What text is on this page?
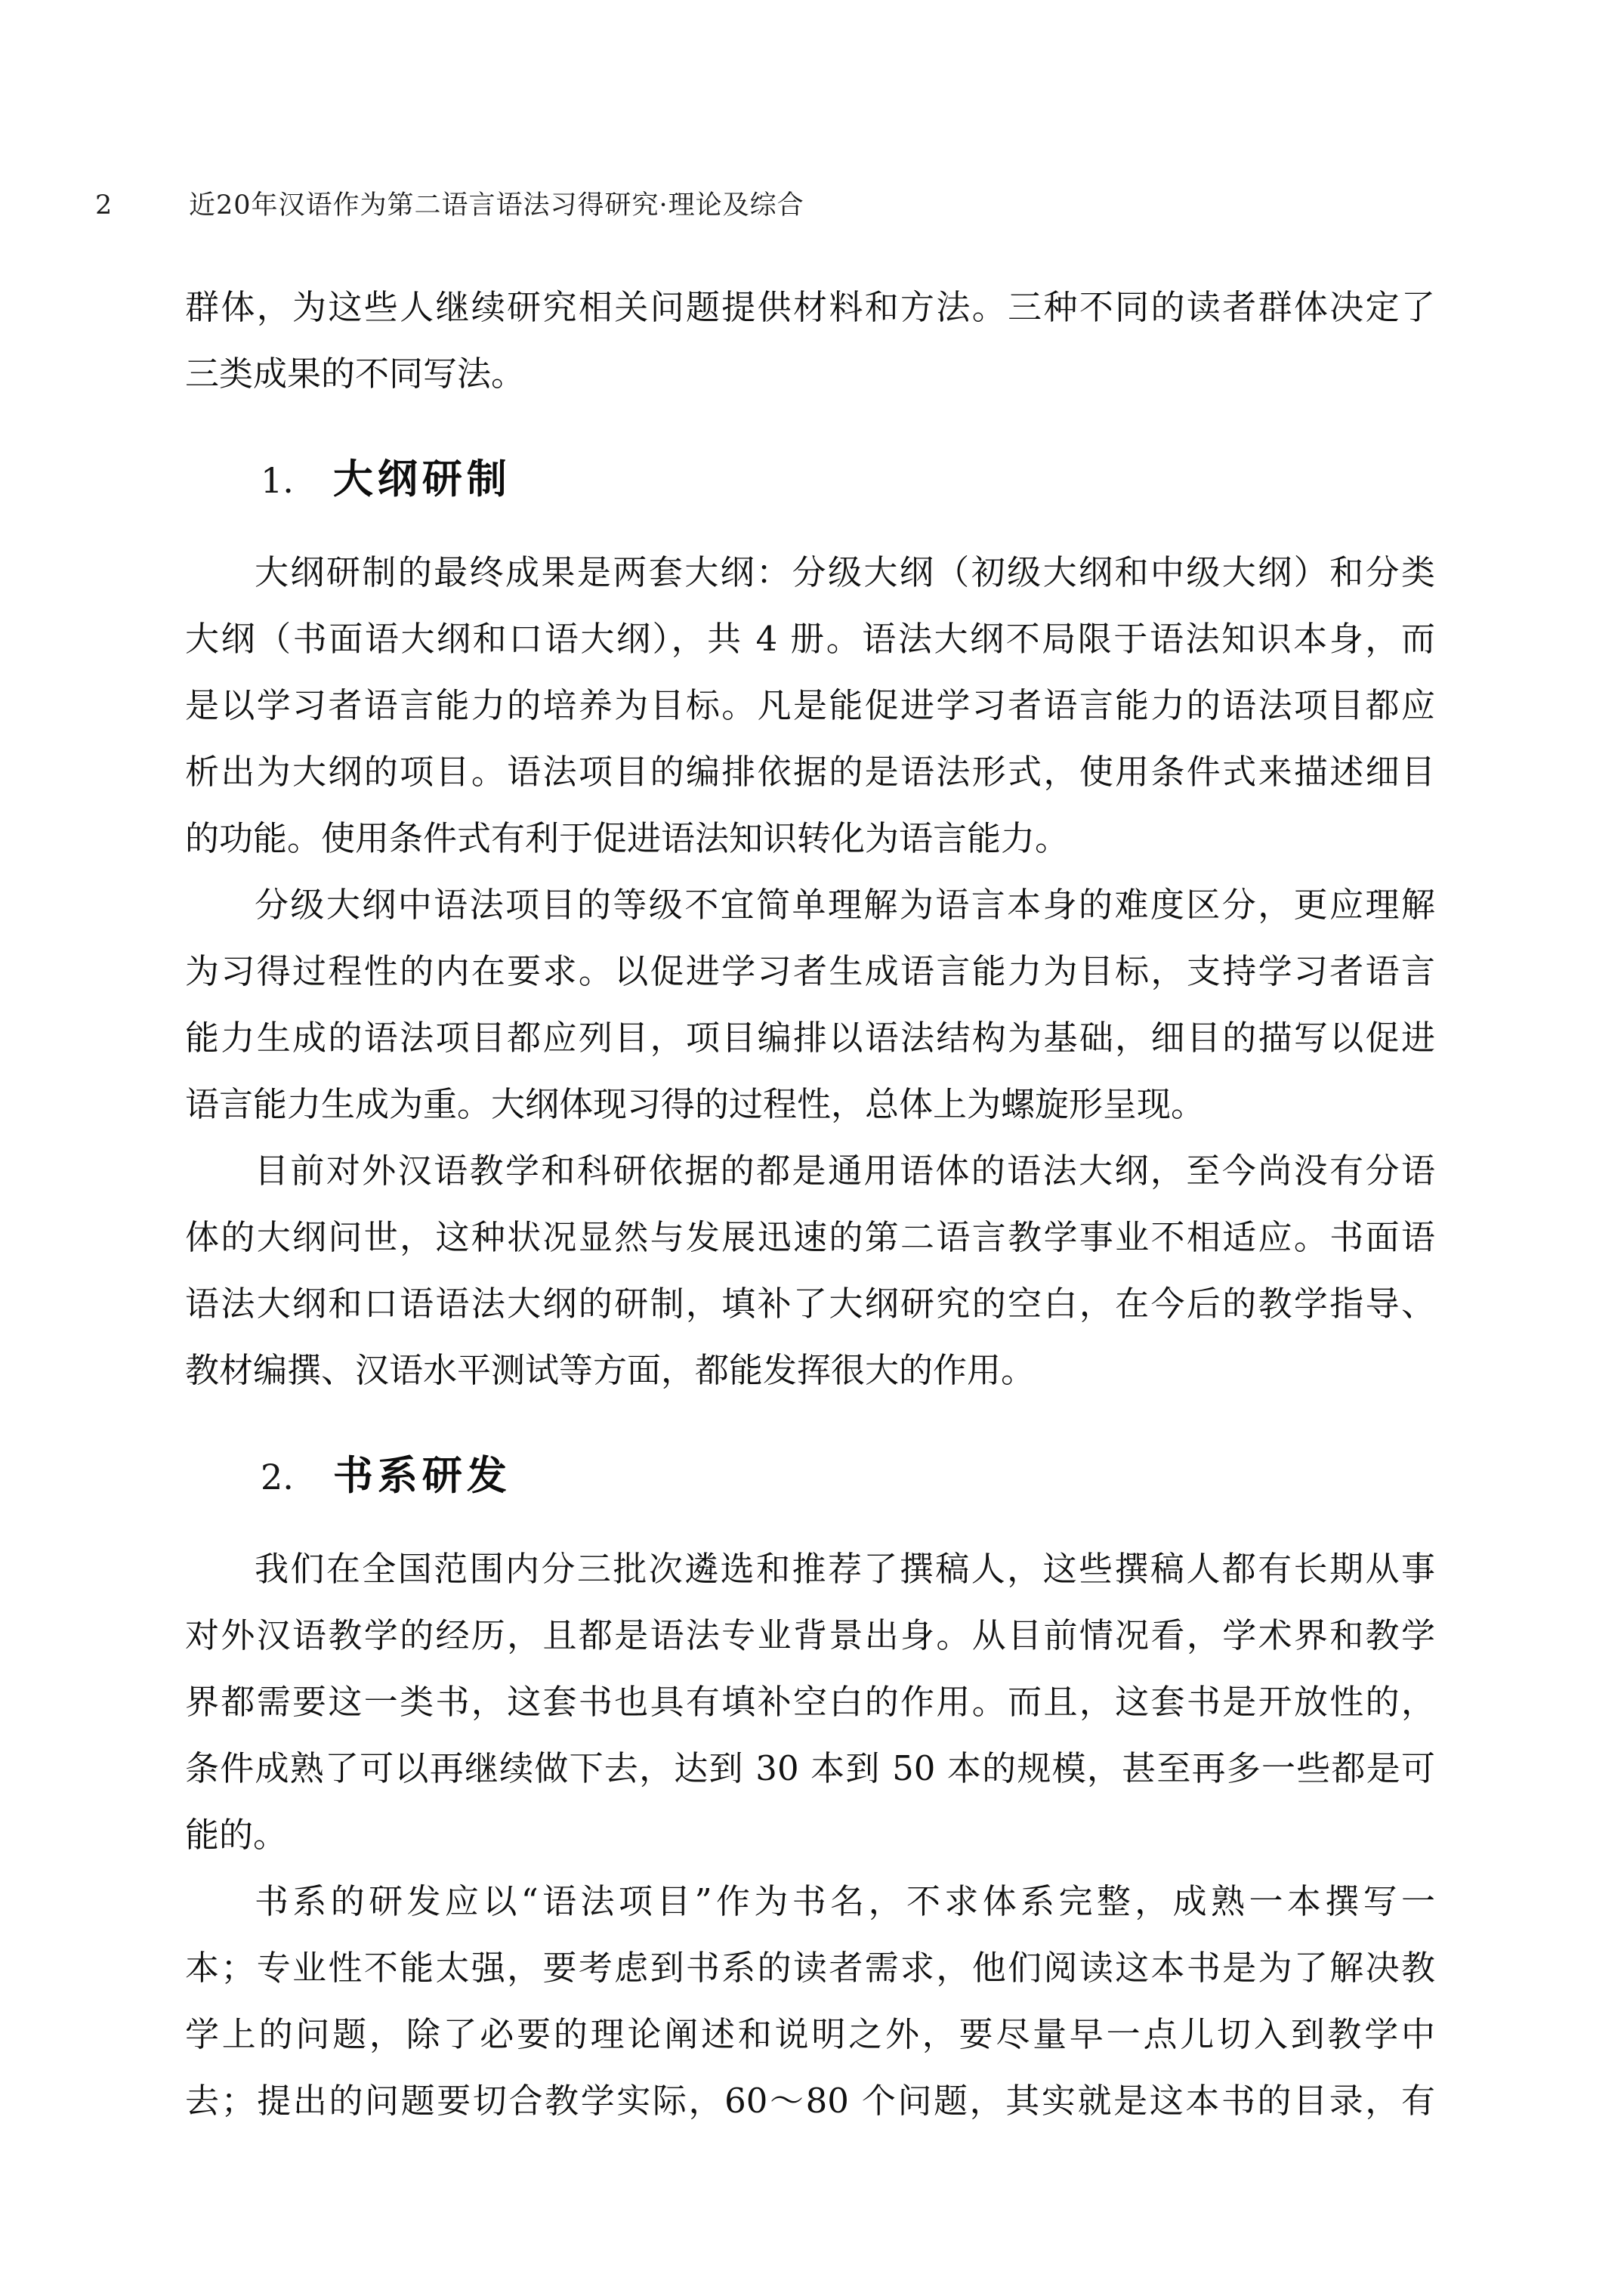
2	近20年汉语作为第二语言语法习得研究·理论及综合
群体，为这些人继续研究相关问题提供材料和方法。三种不同的读者群体决定了
三类成果的不同写法。
1. 大纲研制
大纲研制的最终成果是两套大纲：分级大纲（初级大纲和中级大纲）和分类
大纲（书面语大纲和口语大纲），共 4 册。语法大纲不局限于语法知识本身，而
是以学习者语言能力的培养为目标。凡是能促进学习者语言能力的语法项目都应
析出为大纲的项目。语法项目的编排依据的是语法形式，使用条件式来描述细目
的功能。使用条件式有利于促进语法知识转化为语言能力。
分级大纲中语法项目的等级不宜简单理解为语言本身的难度区分，更应理解
为习得过程性的内在要求。以促进学习者生成语言能力为目标，支持学习者语言
能力生成的语法项目都应列目，项目编排以语法结构为基础，细目的描写以促进
语言能力生成为重。大纲体现习得的过程性，总体上为螺旋形呈现。
目前对外汉语教学和科研依据的都是通用语体的语法大纲，至今尚没有分语
体的大纲问世，这种状况显然与发展迅速的第二语言教学事业不相适应。书面语
语法大纲和口语语法大纲的研制，填补了大纲研究的空白，在今后的教学指导、
教材编撰、汉语水平测试等方面，都能发挥很大的作用。
2. 书系研发
我们在全国范围内分三批次遴选和推荐了撰稿人，这些撰稿人都有长期从事
对外汉语教学的经历，且都是语法专业背景出身。从目前情况看，学术界和教学
界都需要这一类书，这套书也具有填补空白的作用。而且，这套书是开放性的，
条件成熟了可以再继续做下去，达到 30 本到 50 本的规模，甚至再多一些都是可
能的。
书系的研发应以“语法项目”作为书名，不求体系完整，成熟一本撰写一
本；专业性不能太强，要考虑到书系的读者需求，他们阅读这本书是为了解决教
学上的问题，除了必要的理论阐述和说明之外，要尽量早一点儿切入到教学中
去；提出的问题要切合教学实际，60～80 个问题，其实就是这本书的目录，有
